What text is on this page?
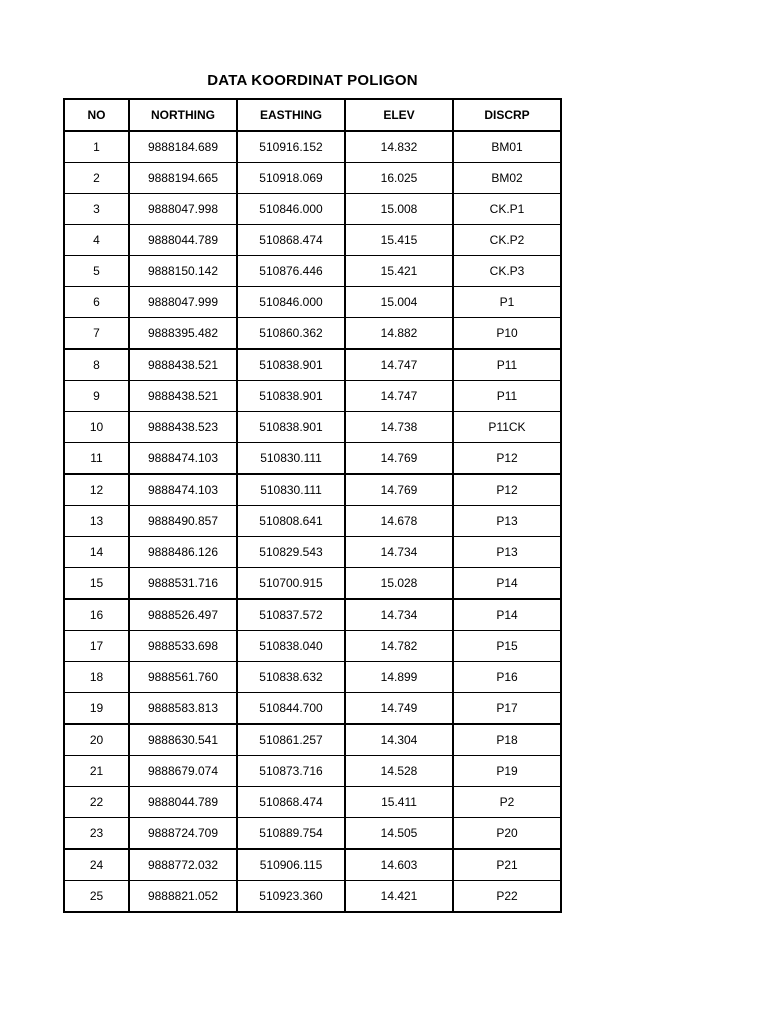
DATA KOORDINAT POLIGON
NO	NORTHING	EASTHING	ELEV	DISCRP
1	9888184.689	510916.152	14.832	BM01
2	9888194.665	510918.069	16.025	BM02
3	9888047.998	510846.000	15.008	CK.P1
4	9888044.789	510868.474	15.415	CK.P2
5	9888150.142	510876.446	15.421	CK.P3
6	9888047.999	510846.000	15.004	P1
7	9888395.482	510860.362	14.882	P10
8	9888438.521	510838.901	14.747	P11
9	9888438.521	510838.901	14.747	P11
10	9888438.523	510838.901	14.738	P11CK
11	9888474.103	510830.111	14.769	P12
12	9888474.103	510830.111	14.769	P12
13	9888490.857	510808.641	14.678	P13
14	9888486.126	510829.543	14.734	P13
15	9888531.716	510700.915	15.028	P14
16	9888526.497	510837.572	14.734	P14
17	9888533.698	510838.040	14.782	P15
18	9888561.760	510838.632	14.899	P16
19	9888583.813	510844.700	14.749	P17
20	9888630.541	510861.257	14.304	P18
21	9888679.074	510873.716	14.528	P19
22	9888044.789	510868.474	15.411	P2
23	9888724.709	510889.754	14.505	P20
24	9888772.032	510906.115	14.603	P21
25	9888821.052	510923.360	14.421	P22
